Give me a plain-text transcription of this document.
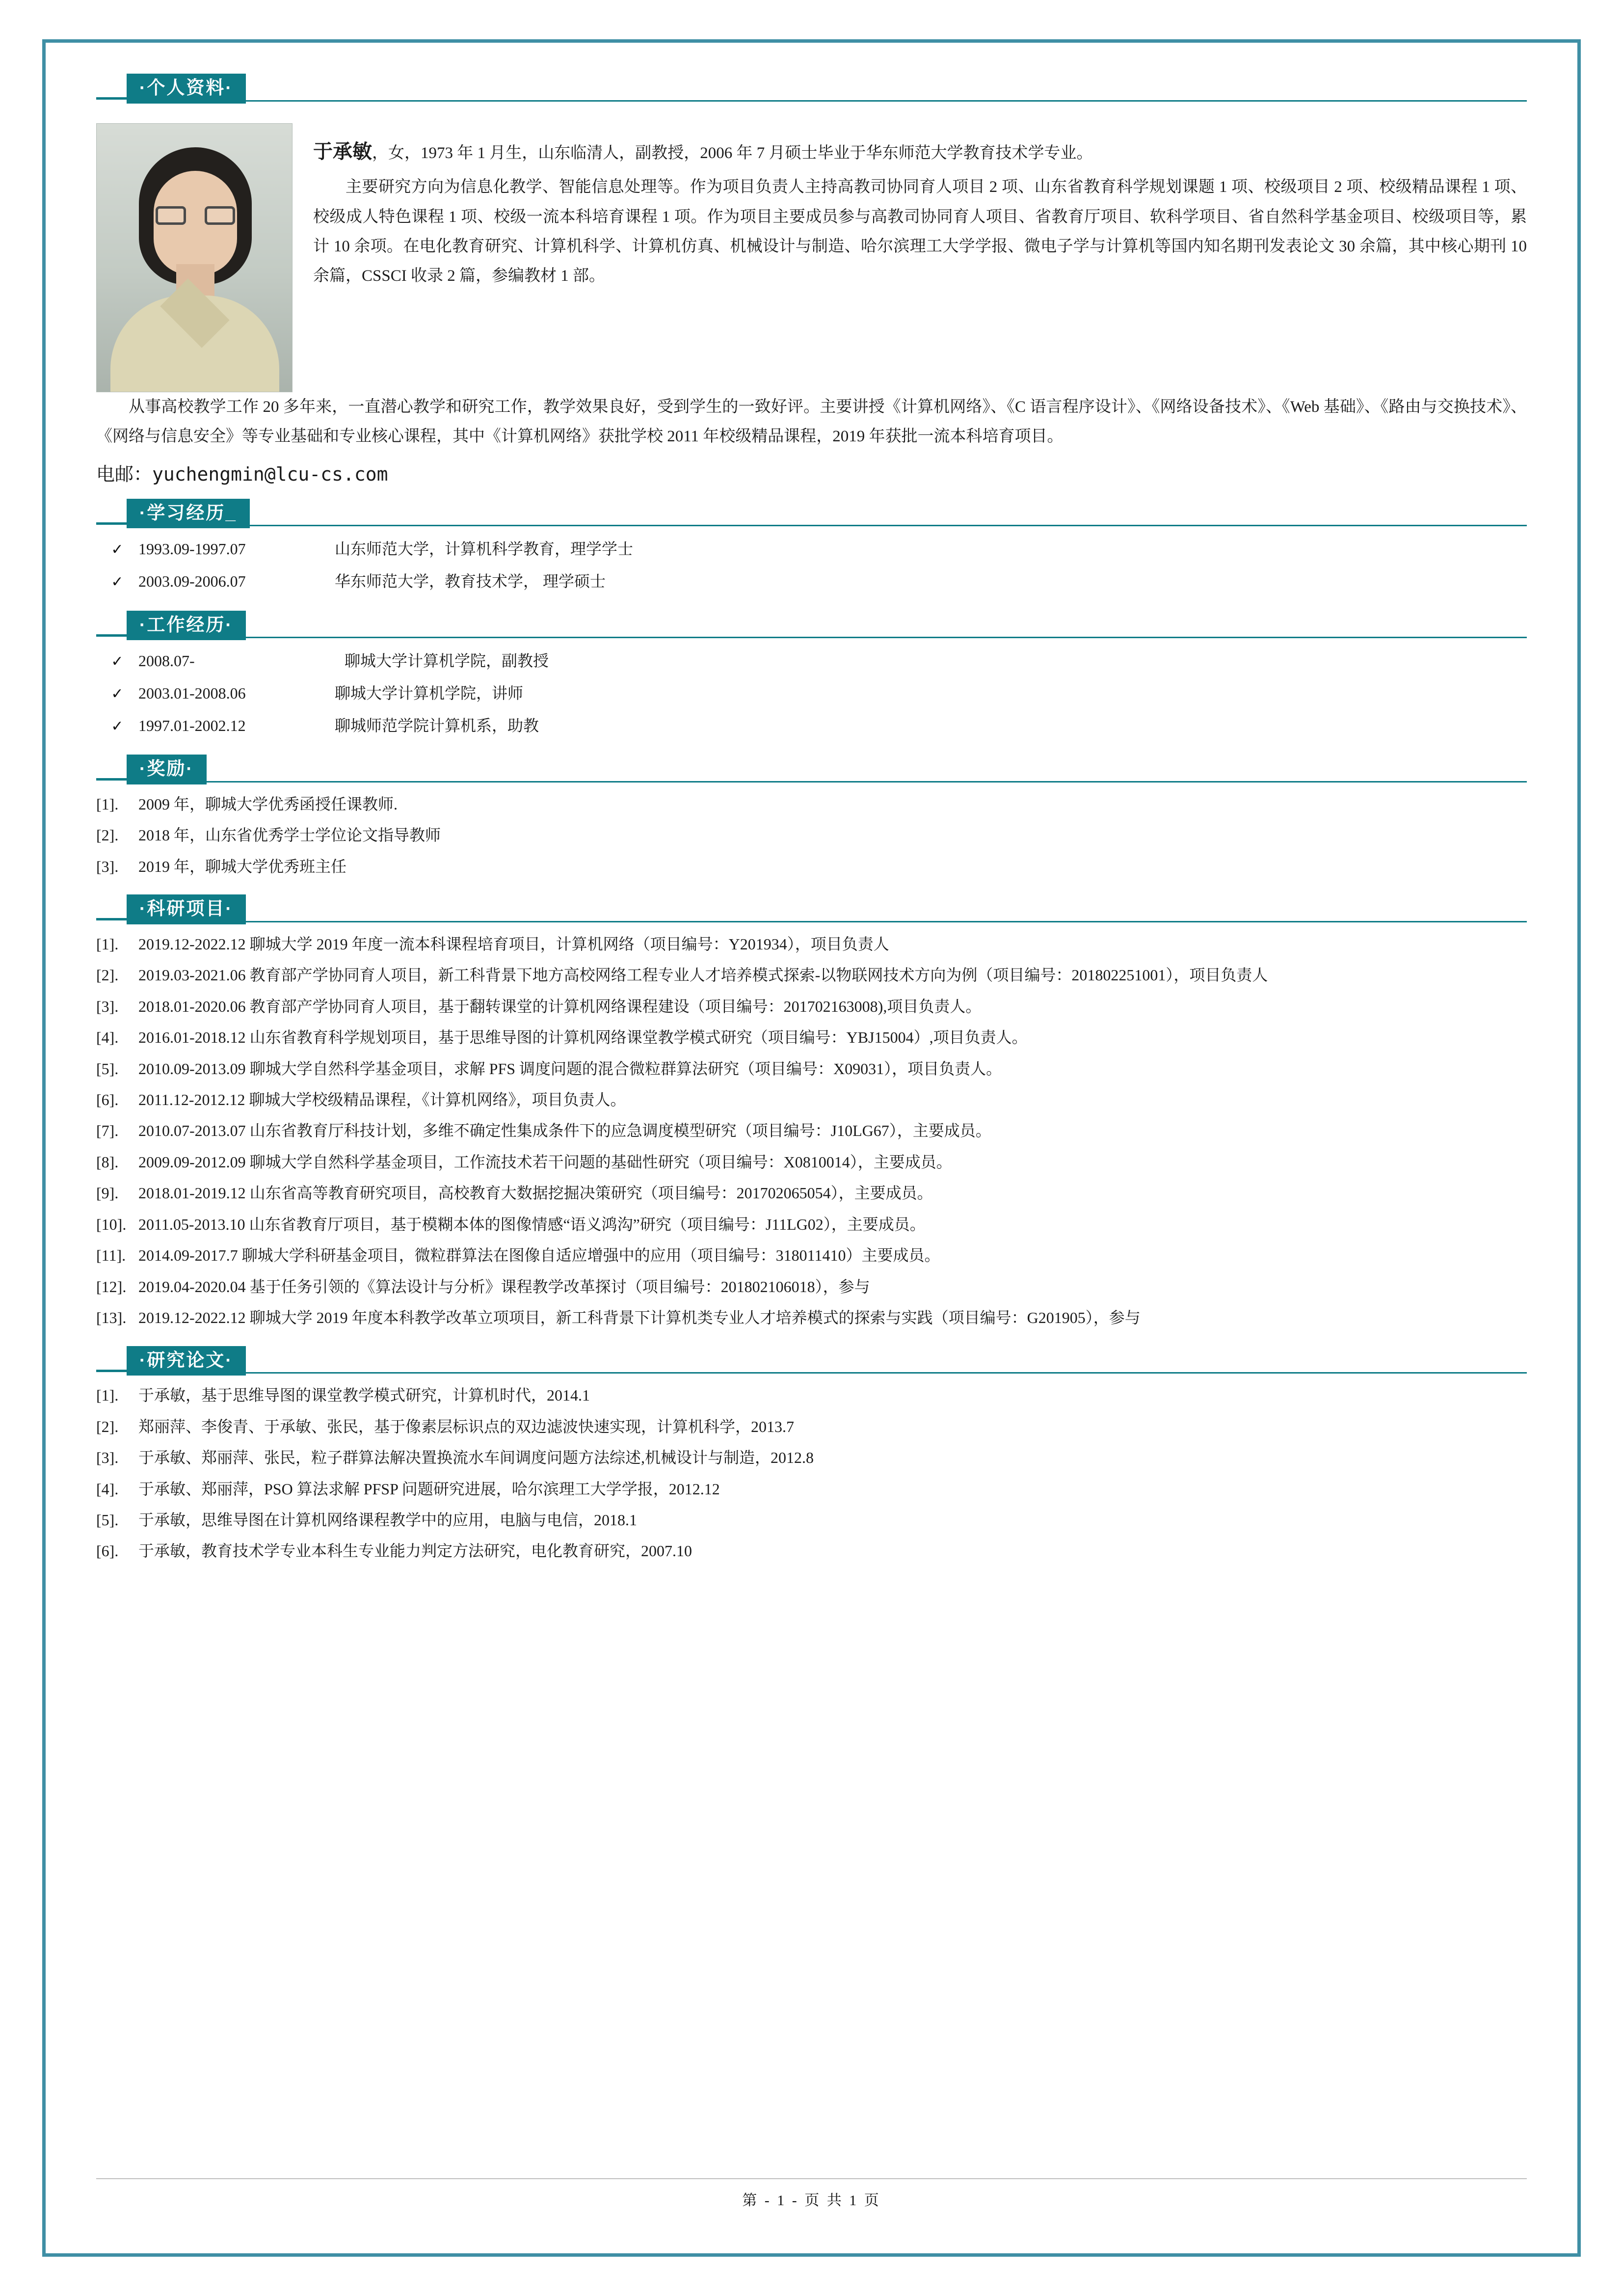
·个人资料·

于承敏，女，1973 年 1 月生，山东临清人，副教授，2006 年 7 月硕士毕业于华东师范大学教育技术学专业。

主要研究方向为信息化教学、智能信息处理等。作为项目负责人主持高教司协同育人项目 2 项、山东省教育科学规划课题 1 项、校级项目 2 项、校级精品课程 1 项、校级成人特色课程 1 项、校级一流本科培育课程 1 项。作为项目主要成员参与高教司协同育人项目、省教育厅项目、软科学项目、省自然科学基金项目、校级项目等，累计 10 余项。在电化教育研究、计算机科学、计算机仿真、机械设计与制造、哈尔滨理工大学学报、微电子学与计算机等国内知名期刊发表论文 30 余篇，其中核心期刊 10 余篇，CSSCI 收录 2 篇，参编教材 1 部。

从事高校教学工作 20 多年来，一直潜心教学和研究工作，教学效果良好，受到学生的一致好评。主要讲授《计算机网络》、《C 语言程序设计》、《网络设备技术》、《Web 基础》、《路由与交换技术》、《网络与信息安全》等专业基础和专业核心课程，其中《计算机网络》获批学校 2011 年校级精品课程，2019 年获批一流本科培育项目。

电邮：yuchengmin@lcu-cs.com
·学习经历_
✓ 1993.09-1997.07	山东师范大学，计算机科学教育，理学学士
✓ 2003.09-2006.07	华东师范大学，教育技术学， 理学硕士
·工作经历·
✓ 2008.07-	聊城大学计算机学院，副教授
✓ 2003.01-2008.06	聊城大学计算机学院，讲师
✓ 1997.01-2002.12	聊城师范学院计算机系，助教
·奖励·
[1].	2009 年，聊城大学优秀函授任课教师.
[2].	2018 年，山东省优秀学士学位论文指导教师
[3].	2019 年，聊城大学优秀班主任
·科研项目·
[1].	2019.12-2022.12 聊城大学 2019 年度一流本科课程培育项目，计算机网络（项目编号：Y201934），项目负责人
[2].	2019.03-2021.06 教育部产学协同育人项目，新工科背景下地方高校网络工程专业人才培养模式探索-以物联网技术方向为例（项目编号：201802251001），项目负责人
[3].	2018.01-2020.06 教育部产学协同育人项目，基于翻转课堂的计算机网络课程建设（项目编号：201702163008),项目负责人。
[4].	2016.01-2018.12 山东省教育科学规划项目，基于思维导图的计算机网络课堂教学模式研究（项目编号：YBJ15004）,项目负责人。
[5].	2010.09-2013.09 聊城大学自然科学基金项目，求解 PFS 调度问题的混合微粒群算法研究（项目编号：X09031），项目负责人。
[6].	2011.12-2012.12 聊城大学校级精品课程，《计算机网络》，项目负责人。
[7].	2010.07-2013.07 山东省教育厅科技计划，多维不确定性集成条件下的应急调度模型研究（项目编号：J10LG67），主要成员。
[8].	2009.09-2012.09 聊城大学自然科学基金项目，工作流技术若干问题的基础性研究（项目编号：X0810014），主要成员。
[9].	2018.01-2019.12 山东省高等教育研究项目，高校教育大数据挖掘决策研究（项目编号：201702065054），主要成员。
[10]. 2011.05-2013.10 山东省教育厅项目，基于模糊本体的图像情感“语义鸿沟”研究（项目编号：J11LG02），主要成员。
[11]. 2014.09-2017.7 聊城大学科研基金项目，微粒群算法在图像自适应增强中的应用（项目编号：318011410）主要成员。
[12]. 2019.04-2020.04 基于任务引领的《算法设计与分析》课程教学改革探讨（项目编号：201802106018），参与
[13]. 2019.12-2022.12 聊城大学 2019 年度本科教学改革立项项目，新工科背景下计算机类专业人才培养模式的探索与实践（项目编号：G201905），参与
·研究论文·
[1].	于承敏，基于思维导图的课堂教学模式研究，计算机时代，2014.1
[2].	郑丽萍、李俊青、于承敏、张民，基于像素层标识点的双边滤波快速实现，计算机科学，2013.7
[3].	于承敏、郑丽萍、张民，粒子群算法解决置换流水车间调度问题方法综述,机械设计与制造，2012.8
[4].	于承敏、郑丽萍，PSO 算法求解 PFSP 问题研究进展，哈尔滨理工大学学报，2012.12
[5].	于承敏，思维导图在计算机网络课程教学中的应用，电脑与电信，2018.1
[6].	于承敏，教育技术学专业本科生专业能力判定方法研究，电化教育研究，2007.10
第 - 1 - 页 共 1 页
